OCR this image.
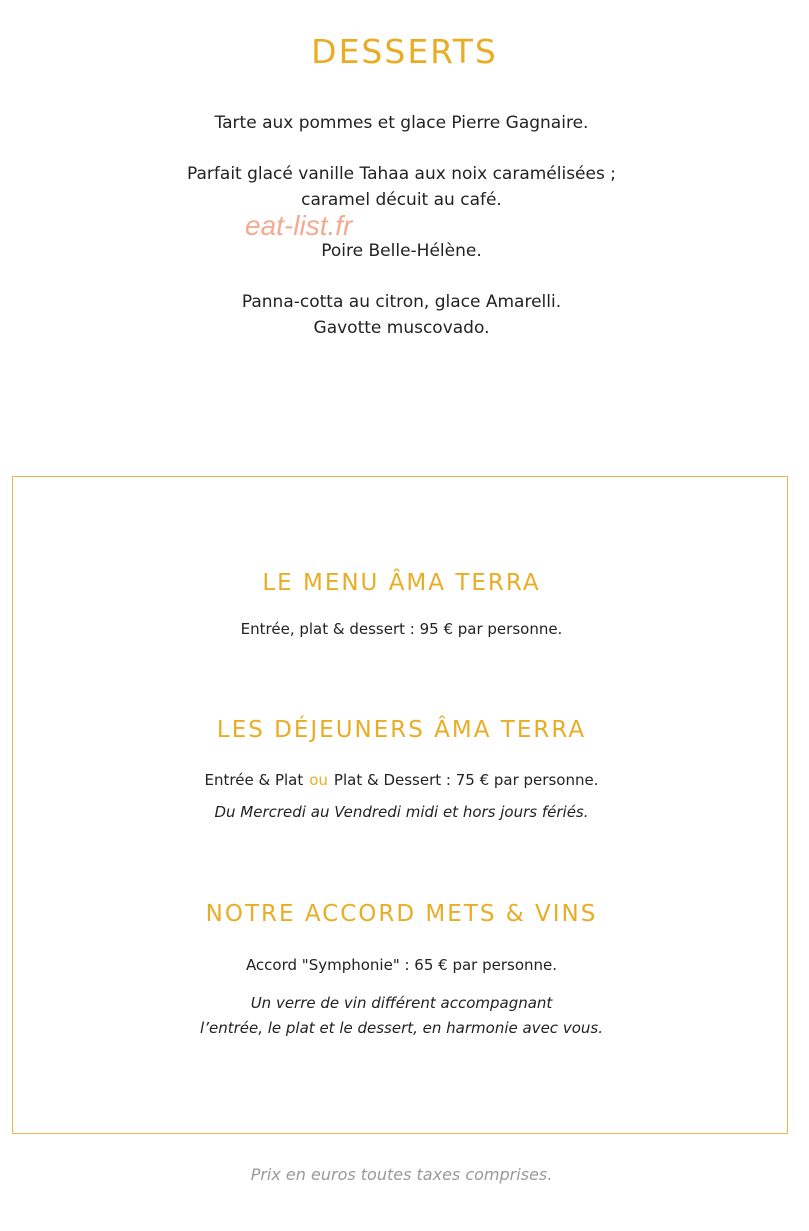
DESSERTS
Tarte aux pommes et glace Pierre Gagnaire.
Parfait glacé vanille Tahaa aux noix caramélisées ;
caramel décuit au café.
Poire Belle-Hélène.
Panna-cotta au citron, glace Amarelli.
Gavotte muscovado.
eat-list.fr
LE MENU ÂMA TERRA
Entrée, plat & dessert : 95 € par personne.
LES DÉJEUNERS ÂMA TERRA
Entrée & Plat ou Plat & Dessert : 75 € par personne.
Du Mercredi au Vendredi midi et hors jours fériés.
NOTRE ACCORD METS & VINS
Accord "Symphonie" : 65 € par personne.
Un verre de vin différent accompagnant
l’entrée, le plat et le dessert, en harmonie avec vous.
Prix en euros toutes taxes comprises.
